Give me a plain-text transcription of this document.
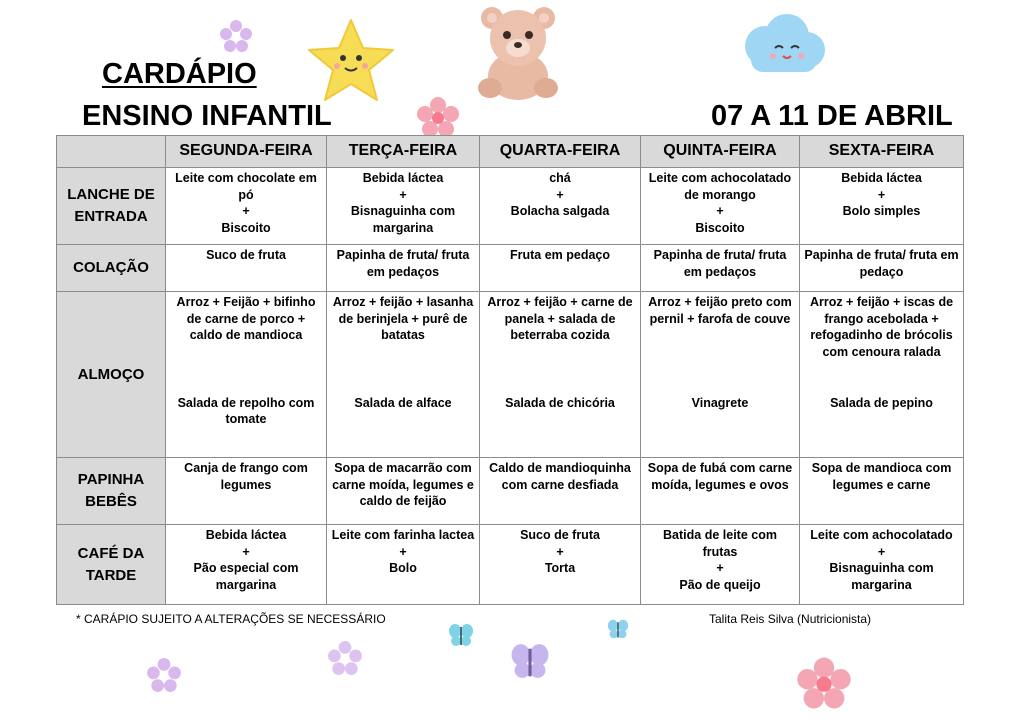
CARDÁPIO
ENSINO INFANTIL	07 A 11 DE ABRIL
	SEGUNDA-FEIRA	TERÇA-FEIRA	QUARTA-FEIRA	QUINTA-FEIRA	SEXTA-FEIRA

LANCHE DE
ENTRADA	Leite com chocolate em
pó
+
Biscoito	Bebida láctea
+
Bisnaguinha com
margarina	chá
+
Bolacha salgada	Leite com achocolatado
de morango
+
Biscoito	Bebida láctea
+
Bolo simples

COLAÇÃO	Suco de fruta	Papinha de fruta/ fruta
em pedaços	Fruta em pedaço	Papinha de fruta/ fruta
em pedaços	Papinha de fruta/ fruta em
pedaço

ALMOÇO	Arroz + Feijão + bifinho
de carne de porco +
caldo de mandioca
Salada de repolho com
tomate	Arroz + feijão + lasanha
de berinjela + purê de
batatas
Salada de alface	Arroz + feijão + carne de
panela + salada de
beterraba cozida
Salada de chicória	Arroz + feijão preto com
pernil + farofa de couve
Vinagrete	Arroz + feijão + iscas de
frango acebolada +
refogadinho de brócolis
com cenoura ralada
Salada de pepino

PAPINHA
BEBÊS	Canja de frango com
legumes	Sopa de macarrão com
carne moída, legumes e
caldo de feijão	Caldo de mandioquinha
com carne desfiada	Sopa de fubá com carne
moída, legumes e ovos	Sopa de mandioca com
legumes e carne

CAFÉ DA
TARDE	Bebida láctea
+
Pão especial com
margarina	Leite com farinha lactea
+
Bolo	Suco de fruta
+
Torta	Batida de leite com frutas
+
Pão de queijo	Leite com achocolatado
+
Bisnaguinha com
margarina
* CARÁPIO SUJEITO A ALTERAÇÕES SE NECESSÁRIO	Talita Reis Silva (Nutricionista)
